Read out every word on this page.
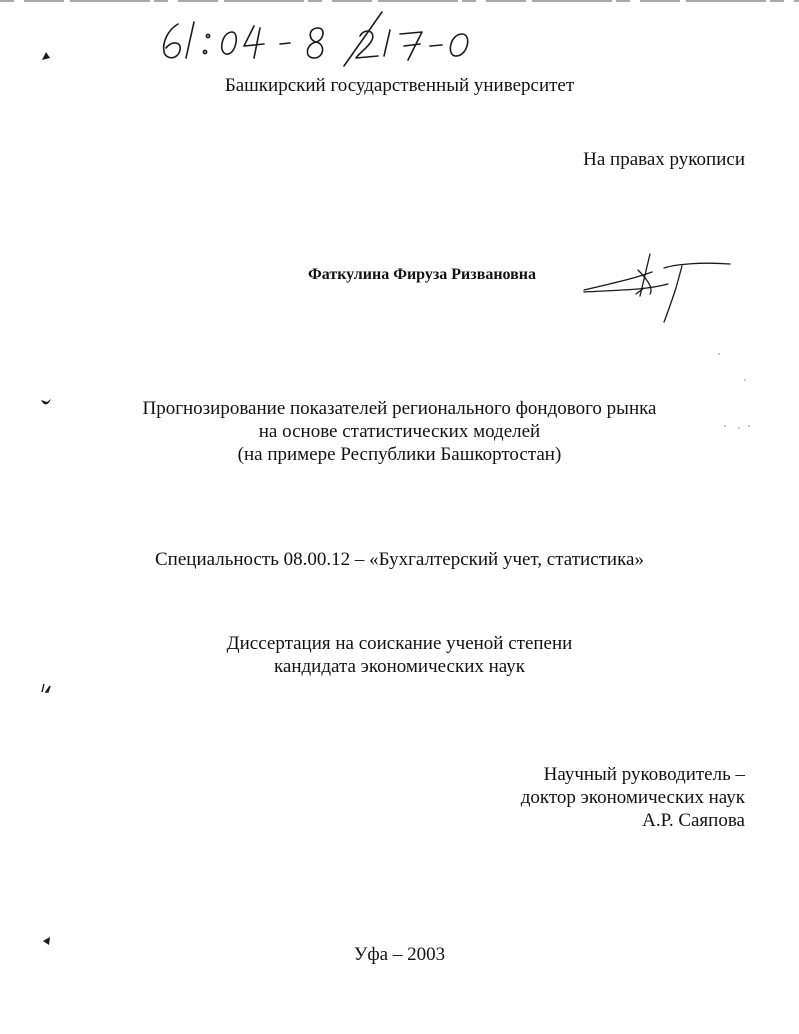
Башкирский государственный университет
На правах рукописи
Фаткулина Фируза Ризвановна
Прогнозирование показателей регионального фондового рынка
на основе статистических моделей
(на примере Республики Башкортостан)
Специальность 08.00.12 – «Бухгалтерский учет, статистика»
Диссертация на соискание ученой степени
кандидата экономических наук
Научный руководитель –
доктор экономических наук
А.Р. Саяпова
Уфа – 2003
